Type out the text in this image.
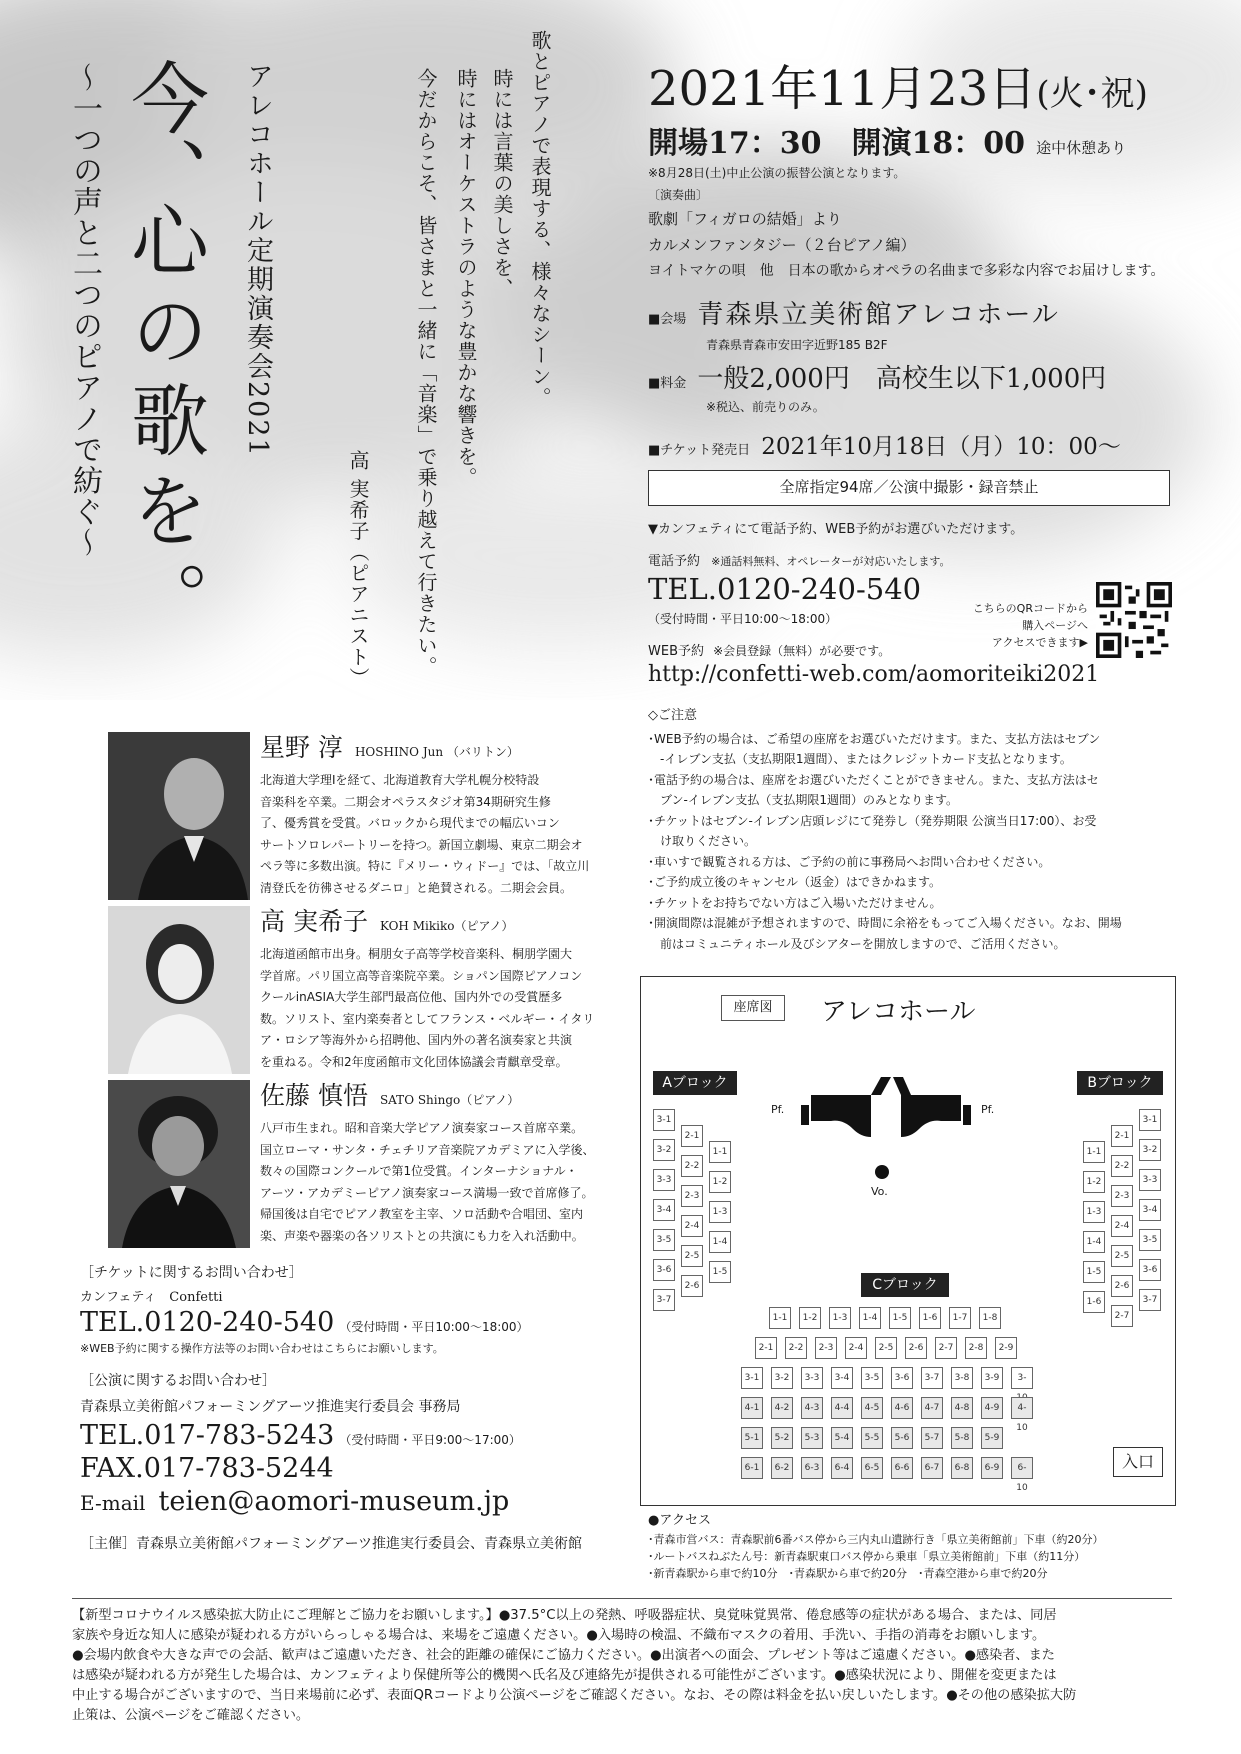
アレコホール定期演奏会2021
今、
心の歌を。
〜一つの声と二つのピアノで紡ぐ〜	歌とピアノで表現する、様々なシーン。
時には言葉の美しさを、
時にはオーケストラのような豊かな響きを。
今だからこそ、皆さまと一緒に「音楽」で乗り越えて行きたい。
高 実希子（ピアニスト）
2021年11月23日(火･祝)
開場17：30　開演18：00 途中休憩あり
※8月28日(土)中止公演の振替公演となります。
〔演奏曲〕
歌劇「フィガロの結婚」より
カルメンファンタジー（２台ピアノ編）
ヨイトマケの唄　他　日本の歌からオペラの名曲まで多彩な内容でお届けします。
■会場 青森県立美術館アレコホール
青森県青森市安田字近野185 B2F
■料金 一般2,000円　高校生以下1,000円
※税込、前売りのみ。
■チケット発売日 2021年10月18日（月）10：00〜
全席指定94席／公演中撮影・録音禁止
▼カンフェティにて電話予約、WEB予約がお選びいただけます。
電話予約 ※通話料無料、オペレーターが対応いたします。
TEL.0120-240-540
（受付時間・平日10:00〜18:00）
こちらのQRコードから
購入ページへ
アクセスできます▶
WEB予約 ※会員登録（無料）が必要です。
http://confetti-web.com/aomoriteiki2021
◇ご注意
･WEB予約の場合は、ご希望の座席をお選びいただけます。また、支払方法はセブン
　-イレブン支払（支払期限1週間）、またはクレジットカード支払となります。
･電話予約の場合は、座席をお選びいただくことができません。また、支払方法はセ
　ブン-イレブン支払（支払期限1週間）のみとなります。
･チケットはセブン-イレブン店頭レジにて発券し（発券期限 公演当日17:00）、お受
　け取りください。
･車いすで観覧される方は、ご予約の前に事務局へお問い合わせください。
･ご予約成立後のキャンセル（返金）はできかねます。
･チケットをお持ちでない方はご入場いただけません。
･開演間際は混雑が予想されますので、時間に余裕をもってご入場ください。なお、開場
　前はコミュニティホール及びシアターを開放しますので、ご活用ください。
星野 淳 HOSHINO Jun （バリトン）
北海道大学理Ⅰを経て、北海道教育大学札幌分校特設
音楽科を卒業。二期会オペラスタジオ第34期研究生修
了、優秀賞を受賞。バロックから現代までの幅広いコン
サートソロレパートリーを持つ。新国立劇場、東京二期会オ
ペラ等に多数出演。特に『メリー・ウィドー』では、「故立川
清登氏を彷彿させるダニロ」と絶賛される。二期会会員。
高 実希子 KOH Mikiko（ピアノ）
北海道函館市出身。桐朋女子高等学校音楽科、桐朋学園大
学首席。パリ国立高等音楽院卒業。ショパン国際ピアノコン
クールinASIA大学生部門最高位他、国内外での受賞歴多
数。ソリスト、室内楽奏者としてフランス・ベルギー・イタリ
ア・ロシア等海外から招聘他、国内外の著名演奏家と共演
を重ねる。令和2年度函館市文化団体協議会青麒章受章。
佐藤 慎悟 SATO Shingo（ピアノ）
八戸市生まれ。昭和音楽大学ピアノ演奏家コース首席卒業。
国立ローマ・サンタ・チェチリア音楽院アカデミアに入学後、
数々の国際コンクールで第1位受賞。インターナショナル・
アーツ・アカデミーピアノ演奏家コース満場一致で首席修了。
帰国後は自宅でピアノ教室を主宰、ソロ活動や合唱団、室内
楽、声楽や器楽の各ソリストとの共演にも力を入れ活動中。
［チケットに関するお問い合わせ］
カンフェティ　Confetti
TEL.0120-240-540 （受付時間・平日10:00〜18:00）
※WEB予約に関する操作方法等のお問い合わせはこちらにお願いします。
［公演に関するお問い合わせ］
青森県立美術館パフォーミングアーツ推進実行委員会 事務局
TEL.017-783-5243 （受付時間・平日9:00〜17:00）
FAX.017-783-5244
E-mail teien@aomori-museum.jp
［主催］青森県立美術館パフォーミングアーツ推進実行委員会、青森県立美術館
座席図	アレコホール
Aブロック	Bブロック
Cブロック
Pf.	Pf.
Vo.
入口
3-1
3-2
3-3
3-4
3-5
3-6
3-7
2-1
2-2
2-3
2-4
2-5
2-6
1-1
1-2
1-3
1-4
1-5
1-1
1-2
1-3
1-4
1-5
1-6
2-1
2-2
2-3
2-4
2-5
2-6
2-7
3-1
3-2
3-3
3-4
3-5
3-6
3-7
1-1	1-2	1-3	1-4	1-5	1-6	1-7	1-8
2-1	2-2	2-3	2-4	2-5	2-6	2-7	2-8	2-9
3-1	3-2	3-3	3-4	3-5	3-6	3-7	3-8	3-9	3-
4-1	4-2	4-3	4-4	4-5	4-6	4-7	4-8	4-9	4-10
5-1	5-2	5-3	5-4	5-5	5-6	5-7	5-8	5-9
6-1	6-2	6-3	6-4	6-5	6-6	6-7	6-8	6-9	6-10
●アクセス
･青森市営バス：青森駅前6番バス停から三内丸山遺跡行き「県立美術館前」下車（約20分）
･ルートバスねぶたん号：新青森駅東口バス停から乗車「県立美術館前」下車（約11分）
･新青森駅から車で約10分　･青森駅から車で約20分　･青森空港から車で約20分
【新型コロナウイルス感染拡大防止にご理解とご協力をお願いします。】●37.5°C以上の発熱、呼吸器症状、臭覚味覚異常、倦怠感等の症状がある場合、または、同居
家族や身近な知人に感染が疑われる方がいらっしゃる場合は、来場をご遠慮ください。●入場時の検温、不織布マスクの着用、手洗い、手指の消毒をお願いします。
●会場内飲食や大きな声での会話、歓声はご遠慮いただき、社会的距離の確保にご協力ください。●出演者への面会、プレゼント等はご遠慮ください。●感染者、また
は感染が疑われる方が発生した場合は、カンフェティより保健所等公的機関へ氏名及び連絡先が提供される可能性がございます。●感染状況により、開催を変更または
中止する場合がございますので、当日来場前に必ず、表面QRコードより公演ページをご確認ください。なお、その際は料金を払い戻しいたします。●その他の感染拡大防
止策は、公演ページをご確認ください。
